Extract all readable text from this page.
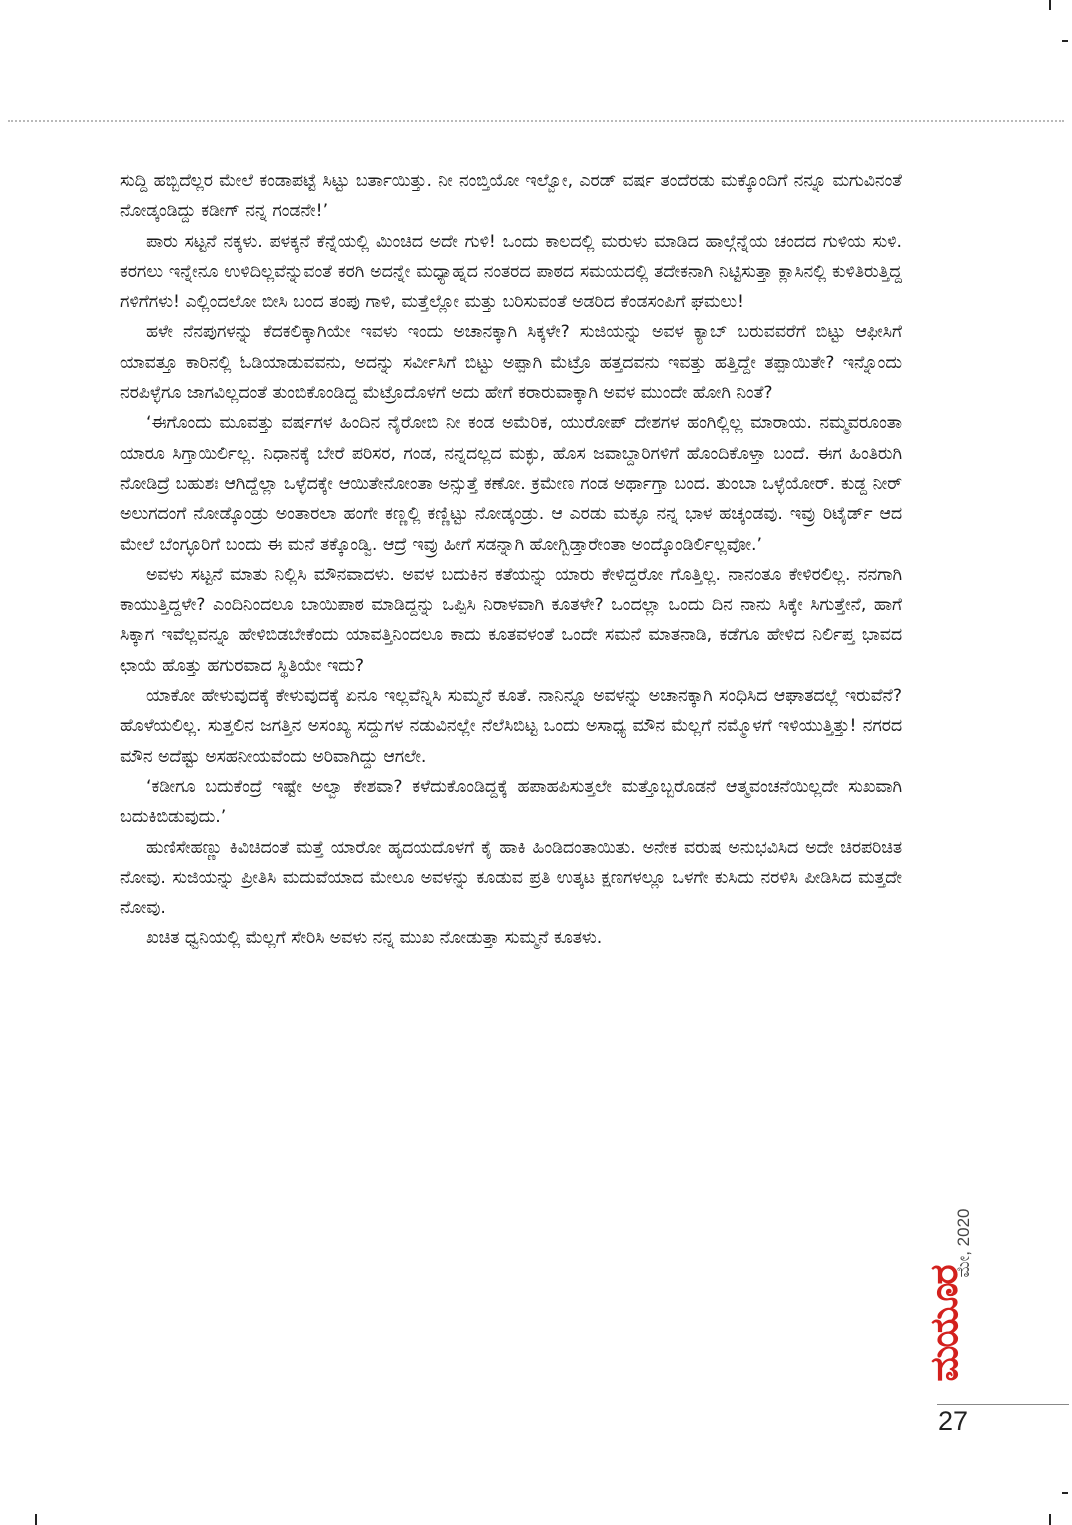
ಸುದ್ದಿ ಹಬ್ಬಿದೆಲ್ಲರ ಮೇಲೆ ಕಂಡಾಪಟ್ಟೆ ಸಿಟ್ಟು ಬರ್ತಾಯಿತ್ತು. ನೀ ನಂಬ್ತಿಯೋ ಇಲ್ವೋ, ಎರಡ್ ವರ್ಷ ತಂದೆರಡು ಮಕ್ಕೊಂದಿಗೆ ನನ್ನೂ ಮಗುವಿನಂತೆ ನೋಡ್ಕಂಡಿದ್ದು ಕಡೀಗ್ ನನ್ನ ಗಂಡನೇ!’

ಪಾರು ಸಟ್ಟನೆ ನಕ್ಕಳು. ಪಳಕ್ಕನೆ ಕೆನ್ನೆಯಲ್ಲಿ ಮಿಂಚಿದ ಅದೇ ಗುಳಿ! ಒಂದು ಕಾಲದಲ್ಲಿ ಮರುಳು ಮಾಡಿದ ಹಾಲ್ಗೆನ್ನೆಯ ಚಂದದ ಗುಳಿಯ ಸುಳಿ. ಕರಗಲು ಇನ್ನೇನೂ ಉಳಿದಿಲ್ಲವೆನ್ನುವಂತೆ ಕರಗಿ ಅದನ್ನೇ ಮಧ್ಯಾಹ್ನದ ನಂತರದ ಪಾಠದ ಸಮಯದಲ್ಲಿ ತದೇಕನಾಗಿ ನಿಟ್ಟಿಸುತ್ತಾ ಕ್ಲಾಸಿನಲ್ಲಿ ಕುಳಿತಿರುತ್ತಿದ್ದ ಗಳಿಗೆಗಳು! ಎಲ್ಲಿಂದಲೋ ಬೀಸಿ ಬಂದ ತಂಪು ಗಾಳಿ, ಮತ್ತೆಲ್ಲೋ ಮತ್ತು ಬರಿಸುವಂತೆ ಅಡರಿದ ಕೆಂಡಸಂಪಿಗೆ ಘಮಲು!

ಹಳೇ ನೆನಪುಗಳನ್ನು ಕೆದಕಲಿಕ್ಕಾಗಿಯೇ ಇವಳು ಇಂದು ಅಚಾನಕ್ಕಾಗಿ ಸಿಕ್ಕಳೇ? ಸುಜಿಯನ್ನು ಅವಳ ಕ್ಯಾಬ್ ಬರುವವರೆಗೆ ಬಿಟ್ಟು ಆಫೀಸಿಗೆ ಯಾವತ್ತೂ ಕಾರಿನಲ್ಲಿ ಓಡಿಯಾಡುವವನು, ಅದನ್ನು ಸರ್ವೀಸಿಗೆ ಬಿಟ್ಟು ಅಪ್ಪಾಗಿ ಮೆಟ್ರೊ ಹತ್ತದವನು ಇವತ್ತು ಹತ್ತಿದ್ದೇ ತಪ್ಪಾಯಿತೇ? ಇನ್ನೊಂದು ನರಪಿಳ್ಳೆಗೂ ಜಾಗವಿಲ್ಲದಂತೆ ತುಂಬಿಕೊಂಡಿದ್ದ ಮೆಟ್ರೊದೊಳಗೆ ಅದು ಹೇಗೆ ಕರಾರುವಾಕ್ಕಾಗಿ ಅವಳ ಮುಂದೇ ಹೋಗಿ ನಿಂತೆ?

‘ಈಗೊಂದು ಮೂವತ್ತು ವರ್ಷಗಳ ಹಿಂದಿನ ನೈರೋಬಿ ನೀ ಕಂಡ ಅಮೆರಿಕ, ಯುರೋಪ್ ದೇಶಗಳ ಹಂಗಿಲ್ಲಿಲ್ಲ ಮಾರಾಯ. ನಮ್ಮವರೂಂತಾ ಯಾರೂ ಸಿಗ್ತಾಯಿರ್ಲಿಲ್ಲ. ನಿಧಾನಕ್ಕೆ ಬೇರೆ ಪರಿಸರ, ಗಂಡ, ನನ್ನದಲ್ಲದ ಮಕ್ಳು, ಹೊಸ ಜವಾಬ್ದಾರಿಗಳಿಗೆ ಹೊಂದಿಕೊಳ್ತಾ ಬಂದೆ. ಈಗ ಹಿಂತಿರುಗಿ ನೋಡಿದ್ರೆ ಬಹುಶಃ ಆಗಿದ್ದೆಲ್ಲಾ ಒಳ್ಳೆದಕ್ಕೇ ಆಯಿತೇನೋಂತಾ ಅನ್ಸುತ್ತೆ ಕಣೋ. ಕ್ರಮೇಣ ಗಂಡ ಅರ್ಥಾಗ್ತಾ ಬಂದ. ತುಂಬಾ ಒಳ್ಳೆಯೋರ್. ಕುಡ್ದ ನೀರ್ ಅಲುಗದಂಗೆ ನೋಡ್ಕೊಂಡ್ರು ಅಂತಾರಲಾ ಹಂಗೇ ಕಣ್ಣಲ್ಲಿ ಕಣ್ಣಿಟ್ಟು ನೋಡ್ಕಂಡ್ರು. ಆ ಎರಡು ಮಕ್ಳೂ ನನ್ನ ಭಾಳ ಹಚ್ಕಂಡವು. ಇವ್ರು ರಿಟೈರ್ಡ್ ಆದ ಮೇಲೆ ಬೆಂಗ್ಳೂರಿಗೆ ಬಂದು ಈ ಮನೆ ತಕ್ಕೊಂಡ್ವಿ. ಆದ್ರೆ ಇವ್ರು ಹೀಗೆ ಸಡನ್ನಾಗಿ ಹೋಗ್ಬಿಡ್ತಾರೇಂತಾ ಅಂದ್ಕೊಂಡಿರ್ಲಿಲ್ಲವೋ.’

ಅವಳು ಸಟ್ಟನೆ ಮಾತು ನಿಲ್ಲಿಸಿ ಮೌನವಾದಳು. ಅವಳ ಬದುಕಿನ ಕತೆಯನ್ನು ಯಾರು ಕೇಳಿದ್ದರೋ ಗೊತ್ತಿಲ್ಲ. ನಾನಂತೂ ಕೇಳಿರಲಿಲ್ಲ. ನನಗಾಗಿ ಕಾಯುತ್ತಿದ್ದಳೇ? ಎಂದಿನಿಂದಲೂ ಬಾಯಿಪಾಠ ಮಾಡಿದ್ದನ್ನು ಒಪ್ಪಿಸಿ ನಿರಾಳವಾಗಿ ಕೂತಳೇ? ಒಂದಲ್ಲಾ ಒಂದು ದಿನ ನಾನು ಸಿಕ್ಕೇ ಸಿಗುತ್ತೇನೆ, ಹಾಗೆ ಸಿಕ್ಕಾಗ ಇವೆಲ್ಲವನ್ನೂ ಹೇಳಿಬಿಡಬೇಕೆಂದು ಯಾವತ್ತಿನಿಂದಲೂ ಕಾದು ಕೂತವಳಂತೆ ಒಂದೇ ಸಮನೆ ಮಾತನಾಡಿ, ಕಡೆಗೂ ಹೇಳಿದ ನಿರ್ಲಿಪ್ತ ಭಾವದ ಛಾಯೆ ಹೊತ್ತು ಹಗುರವಾದ ಸ್ಥಿತಿಯೇ ಇದು?

ಯಾಕೋ ಹೇಳುವುದಕ್ಕೆ ಕೇಳುವುದಕ್ಕೆ ಏನೂ ಇಲ್ಲವೆನ್ನಿಸಿ ಸುಮ್ಮನೆ ಕೂತೆ. ನಾನಿನ್ನೂ ಅವಳನ್ನು ಅಚಾನಕ್ಕಾಗಿ ಸಂಧಿಸಿದ ಆಘಾತದಲ್ಲೆ ಇರುವೆನೆ? ಹೊಳೆಯಲಿಲ್ಲ. ಸುತ್ತಲಿನ ಜಗತ್ತಿನ ಅಸಂಖ್ಯ ಸದ್ದುಗಳ ನಡುವಿನಲ್ಲೇ ನೆಲೆಸಿಬಿಟ್ಟ ಒಂದು ಅಸಾಧ್ಯ ಮೌನ ಮೆಲ್ಲಗೆ ನಮ್ಮೊಳಗೆ ಇಳಿಯುತ್ತಿತ್ತು! ನಗರದ ಮೌನ ಅದೆಷ್ಟು ಅಸಹನೀಯವೆಂದು ಅರಿವಾಗಿದ್ದು ಆಗಲೇ.

‘ಕಡೀಗೂ ಬದುಕೆಂದ್ರೆ ಇಷ್ಟೇ ಅಲ್ವಾ ಕೇಶವಾ? ಕಳೆದುಕೊಂಡಿದ್ದಕ್ಕೆ ಹಪಾಹಪಿಸುತ್ತಲೇ ಮತ್ತೊಬ್ಬರೊಡನೆ ಆತ್ಮವಂಚನೆಯಿಲ್ಲದೇ ಸುಖವಾಗಿ ಬದುಕಿಬಿಡುವುದು.’

ಹುಣಿಸೇಹಣ್ಣು ಕಿವಿಚಿದಂತೆ ಮತ್ತೆ ಯಾರೋ ಹೃದಯದೊಳಗೆ ಕೈ ಹಾಕಿ ಹಿಂಡಿದಂತಾಯಿತು. ಅನೇಕ ವರುಷ ಅನುಭವಿಸಿದ ಅದೇ ಚಿರಪರಿಚಿತ ನೋವು. ಸುಜಿಯನ್ನು ಪ್ರೀತಿಸಿ ಮದುವೆಯಾದ ಮೇಲೂ ಅವಳನ್ನು ಕೂಡುವ ಪ್ರತಿ ಉತ್ಕಟ ಕ್ಷಣಗಳಲ್ಲೂ ಒಳಗೇ ಕುಸಿದು ನರಳಿಸಿ ಪೀಡಿಸಿದ ಮತ್ತದೇ ನೋವು.

ಖಚಿತ ಧ್ವನಿಯಲ್ಲಿ ಮೆಲ್ಲಗೆ ಸೇರಿಸಿ ಅವಳು ನನ್ನ ಮುಖ ನೋಡುತ್ತಾ ಸುಮ್ಮನೆ ಕೂತಳು.

ಮೇ, 2020
ಮಯೂರ
27
